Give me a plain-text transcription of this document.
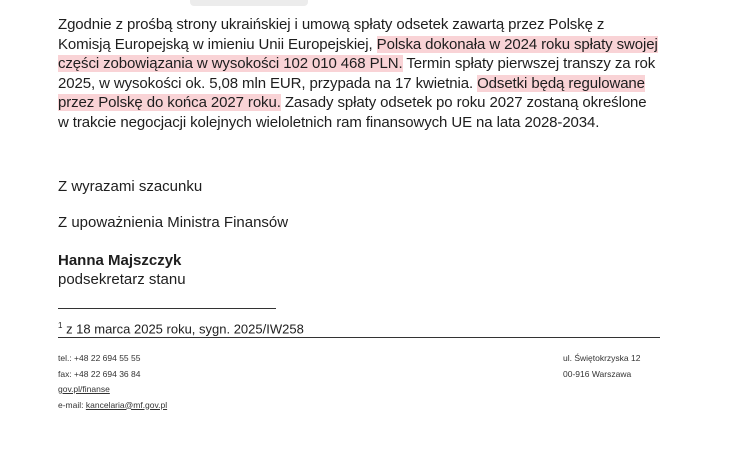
Zgodnie z prośbą strony ukraińskiej i umową spłaty odsetek zawartą przez Polskę z Komisją Europejską w imieniu Unii Europejskiej, Polska dokonała w 2024 roku spłaty swojej części zobowiązania w wysokości 102 010 468 PLN. Termin spłaty pierwszej transzy za rok 2025, w wysokości ok. 5,08 mln EUR, przypada na 17 kwietnia. Odsetki będą regulowane przez Polskę do końca 2027 roku. Zasady spłaty odsetek po roku 2027 zostaną określone w trakcie negocjacji kolejnych wieloletnich ram finansowych UE na lata 2028-2034.
Z wyrazami szacunku
Z upoważnienia Ministra Finansów
Hanna Majszczyk
podsekretarz stanu
$^1$ z 18 marca 2025 roku, sygn. 2025/IW258
tel.: +48 22 694 55 55
fax: +48 22 694 36 84
gov.pl/finanse
e-mail: kancelaria@mf.gov.pl
ul. Świętokrzyska 12
00-916 Warszawa
